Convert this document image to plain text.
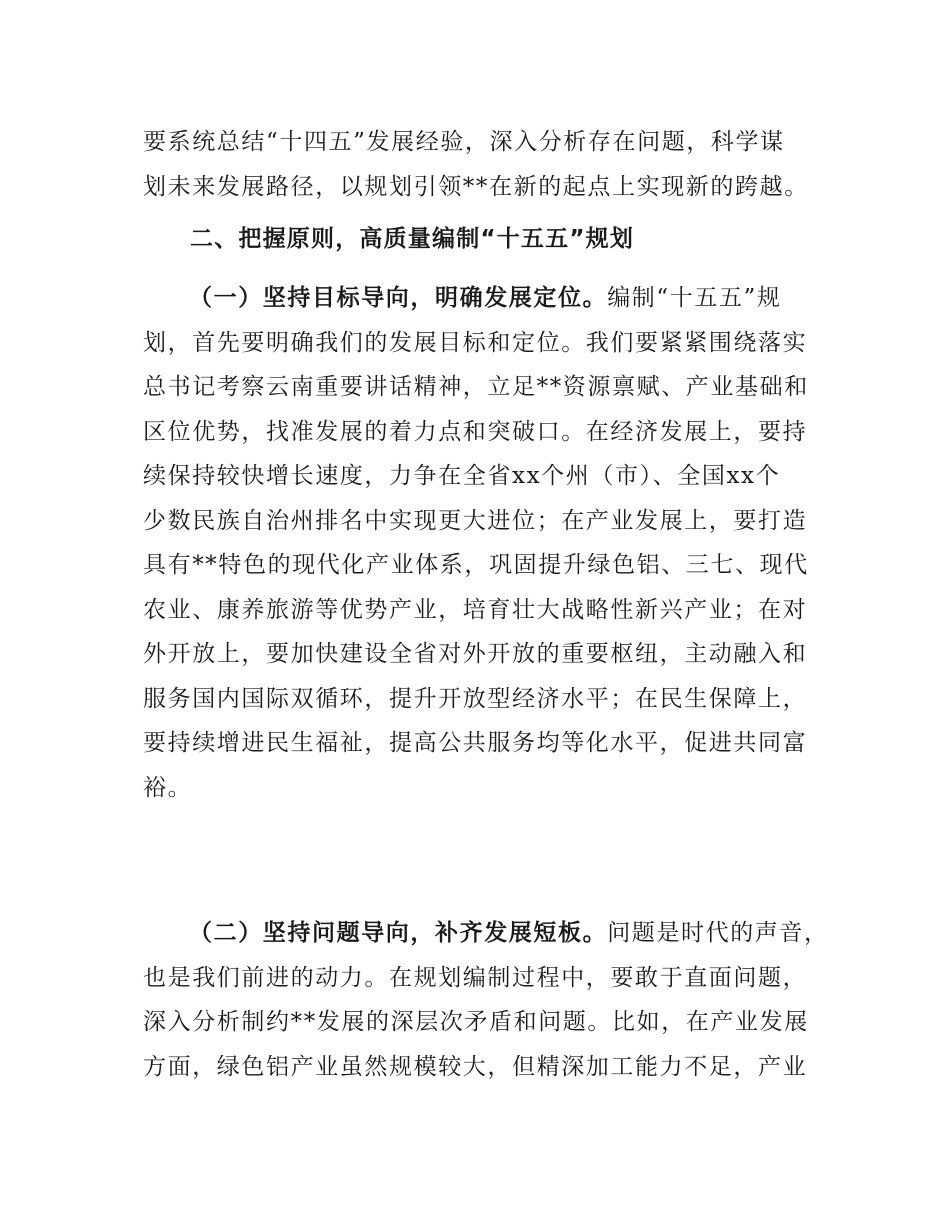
要系统总结“十四五”发展经验，深入分析存在问题，科学谋
划未来发展路径，以规划引领**在新的起点上实现新的跨越。
二、把握原则，高质量编制“十五五”规划
（一）坚持目标导向，明确发展定位。编制“十五五”规
划，首先要明确我们的发展目标和定位。我们要紧紧围绕落实
总书记考察云南重要讲话精神，立足**资源禀赋、产业基础和
区位优势，找准发展的着力点和突破口。在经济发展上，要持
续保持较快增长速度，力争在全省xx个州（市）、全国xx个
少数民族自治州排名中实现更大进位；在产业发展上，要打造
具有**特色的现代化产业体系，巩固提升绿色铝、三七、现代
农业、康养旅游等优势产业，培育壮大战略性新兴产业；在对
外开放上，要加快建设全省对外开放的重要枢纽，主动融入和
服务国内国际双循环，提升开放型经济水平；在民生保障上，
要持续增进民生福祉，提高公共服务均等化水平，促进共同富
裕。
（二）坚持问题导向，补齐发展短板。问题是时代的声音，
也是我们前进的动力。在规划编制过程中，要敢于直面问题，
深入分析制约**发展的深层次矛盾和问题。比如，在产业发展
方面，绿色铝产业虽然规模较大，但精深加工能力不足，产业
